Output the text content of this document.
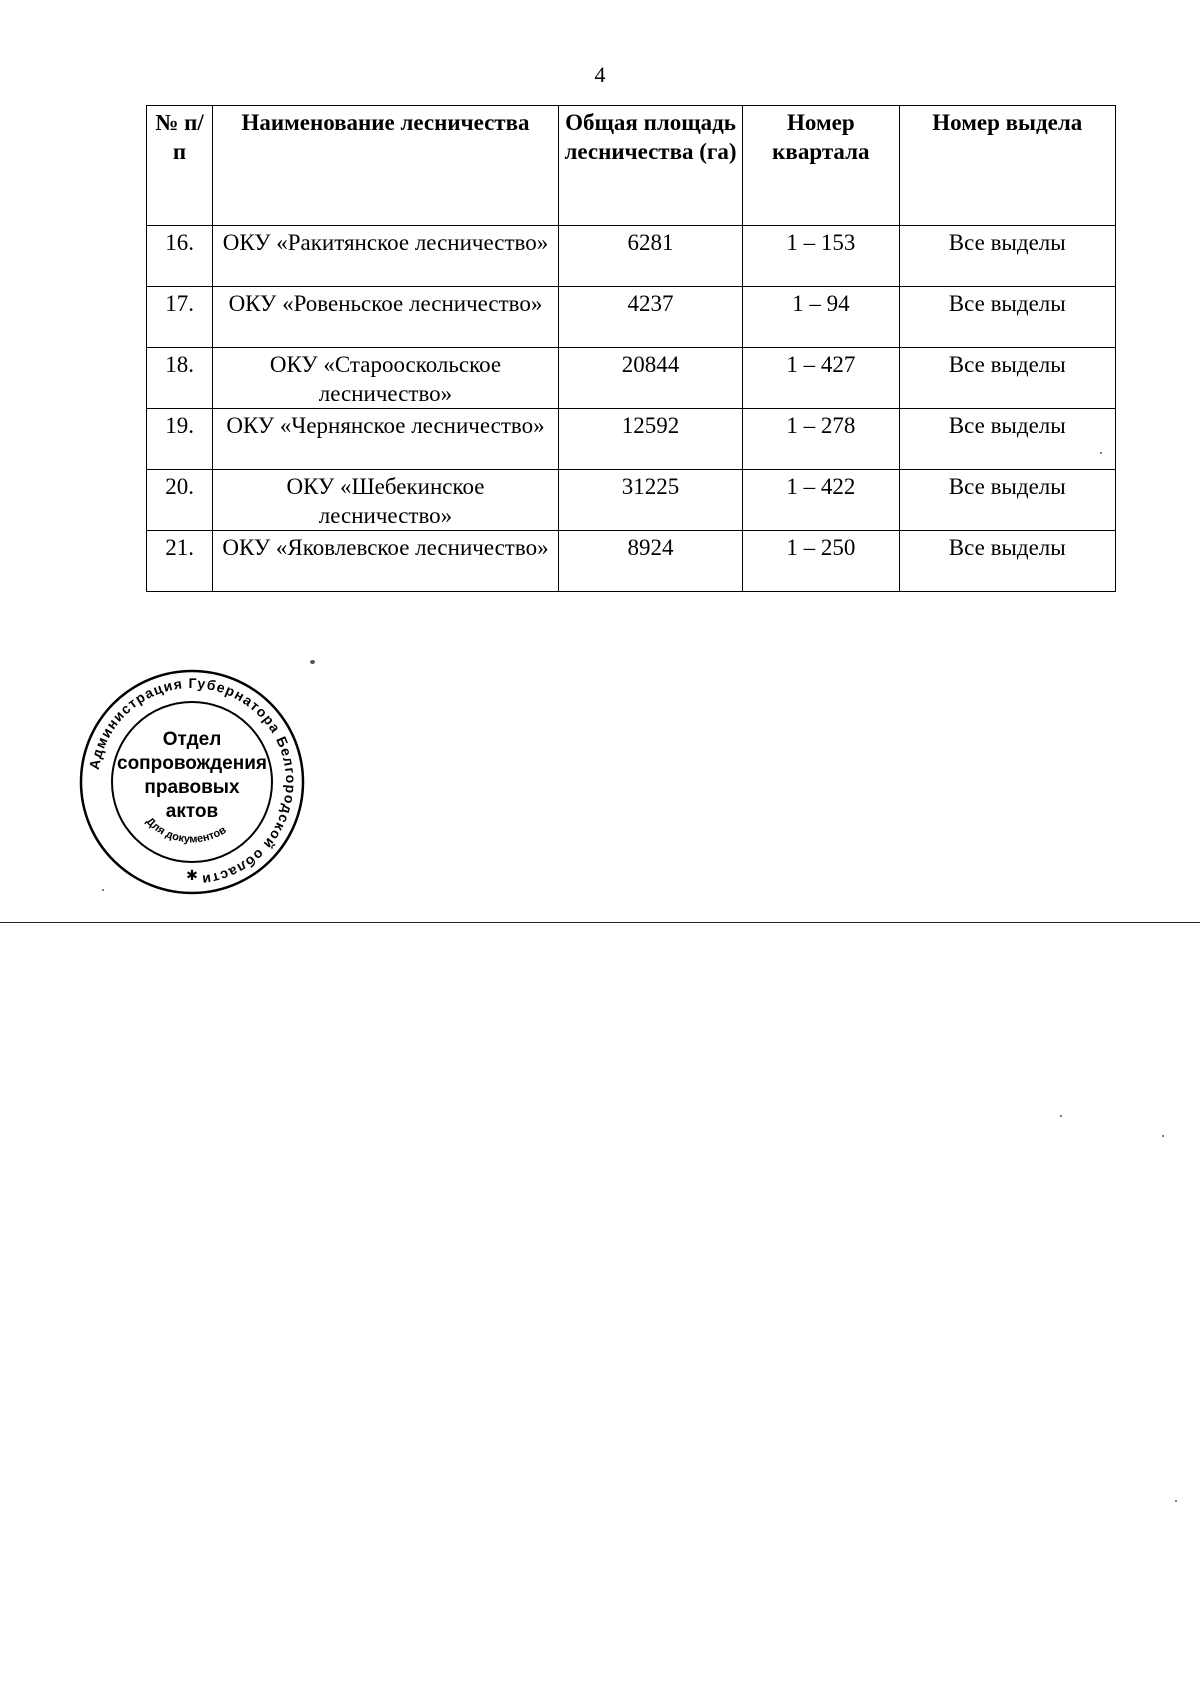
4
№ п/п	Наименование лесничества	Общая площадь лесничества (га)	Номер квартала	Номер выдела
16.	ОКУ «Ракитянское лесничество»	6281	1 – 153	Все выделы
17.	ОКУ «Ровеньское лесничество»	4237	1 – 94	Все выделы
18.	ОКУ «Старооскольское лесничество»	20844	1 – 427	Все выделы
19.	ОКУ «Чернянское лесничество»	12592	1 – 278	Все выделы
20.	ОКУ «Шебекинское лесничество»	31225	1 – 422	Все выделы
21.	ОКУ «Яковлевское лесничество»	8924	1 – 250	Все выделы
Администрация Губернатора Белгородской области
Для документов
✱
Отдел
сопровождения
правовых
актов
